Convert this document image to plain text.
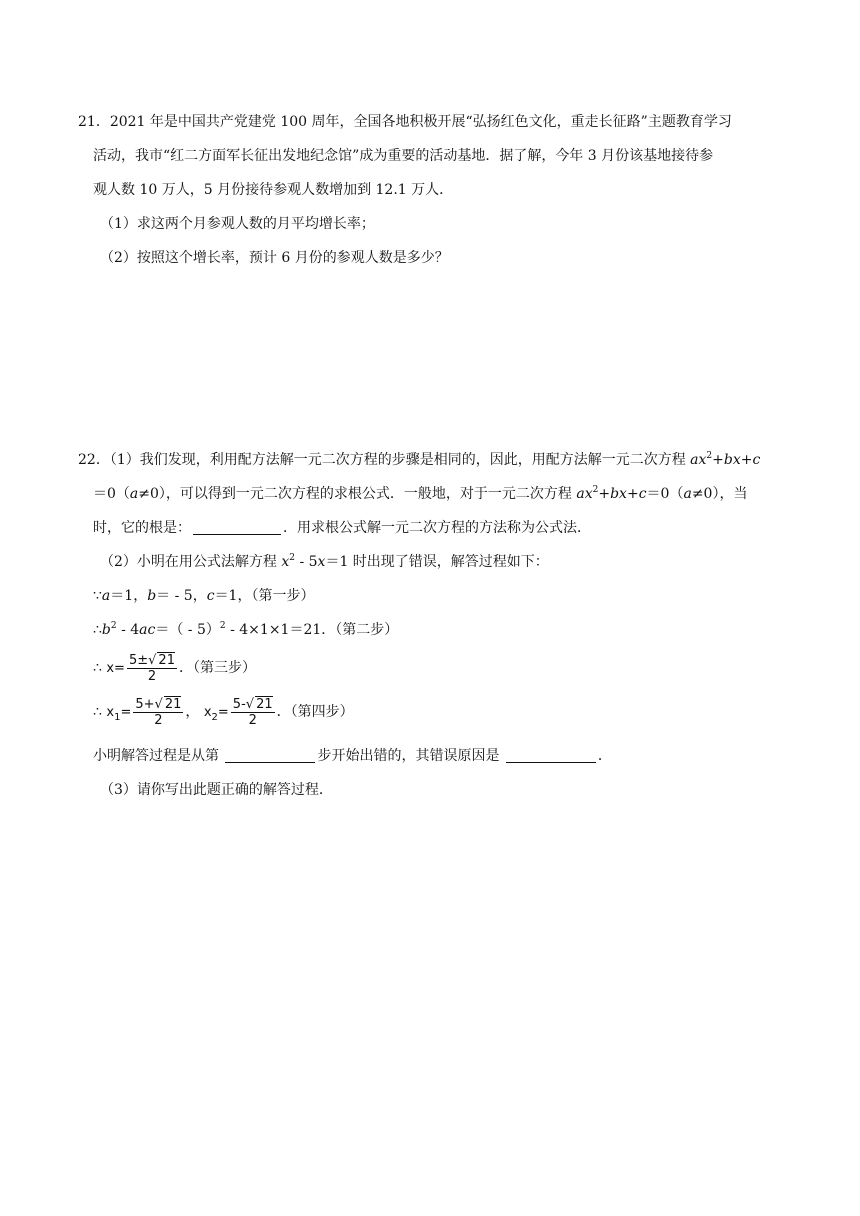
21．2021 年是中国共产党建党 100 周年，全国各地积极开展“弘扬红色文化，重走长征路”主题教育学习
活动，我市“红二方面军长征出发地纪念馆”成为重要的活动基地．据了解，今年 3 月份该基地接待参
观人数 10 万人，5 月份接待参观人数增加到 12.1 万人．
（1）求这两个月参观人数的月平均增长率；
（2）按照这个增长率，预计 6 月份的参观人数是多少？
22．（1）我们发现，利用配方法解一元二次方程的步骤是相同的，因此，用配方法解一元二次方程 $ax^2+bx+c$
＝0（a≠0），可以得到一元二次方程的求根公式．一般地，对于一元二次方程 $ax^2+bx+c=0(a\ne 0)$，当
时，它的根是：	．用求根公式解一元二次方程的方法称为公式法．
（2）小明在用公式法解方程 $x^2 - 5x=1$ 时出现了错误，解答过程如下：
∵a＝1，b＝ - 5，c＝1，（第一步）
$\therefore b^2 - 4ac=( - 5)^2 - 4\times 1\times 1=21$．（第二步）
∴ $x= \frac{5\pm√ 21}{2}$ ．（第三步）
∴ $x_1= \frac{5+√ 21}{2}$ ， $x_2= \frac{5-√ 21}{2}$ ．（第四步）
小明解答过程是从第	步开始出错的，其错误原因是	．
（3）请你写出此题正确的解答过程．
